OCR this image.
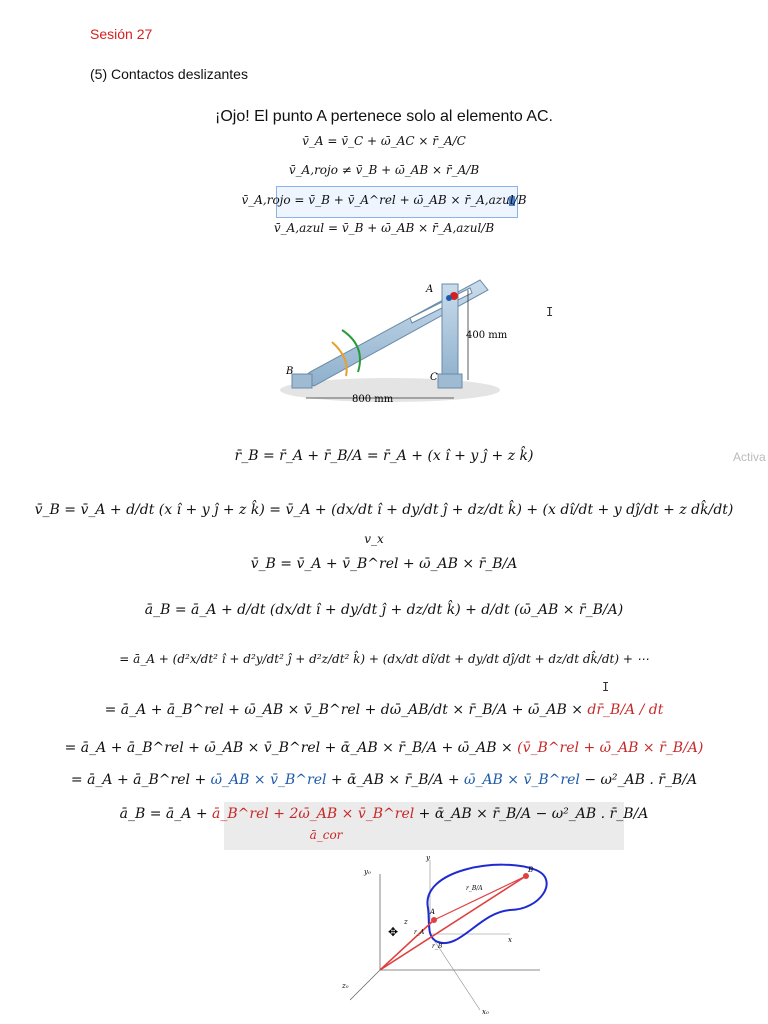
Sesión 27
(5) Contactos deslizantes
¡Ojo! El punto A pertenece solo al elemento AC.
v̄_A = v̄_C + ω̄_AC × r̄_A/C
v̄_A,rojo ≠ v̄_B + ω̄_AB × r̄_A/B
v̄_A,rojo = v̄_B + v̄_A^rel + ω̄_AB × r̄_A,azul/B
v̄_A,azul = v̄_B + ω̄_AB × r̄_A,azul/B
A
B
C
400 mm
800 mm
I
Activa
r̄_B = r̄_A + r̄_B/A = r̄_A + (x î + y ĵ + z k̂)
v̄_B = v̄_A + d/dt (x î + y ĵ + z k̂) = v̄_A + (dx/dt î + dy/dt ĵ + dz/dt k̂) + (x dî/dt + y dĵ/dt + z dk̂/dt)
v_x
v̄_B = v̄_A + v̄_B^rel + ω̄_AB × r̄_B/A
ā_B = ā_A + d/dt (dx/dt î + dy/dt ĵ + dz/dt k̂) + d/dt (ω̄_AB × r̄_B/A)
= ā_A + (d²x/dt² î + d²y/dt² ĵ + d²z/dt² k̂) + (dx/dt dî/dt + dy/dt dĵ/dt + dz/dt dk̂/dt) + ⋯
= ā_A + ā_B^rel + ω̄_AB × v̄_B^rel + dω̄_AB/dt × r̄_B/A + ω̄_AB × dr̄_B/A / dt
I
= ā_A + ā_B^rel + ω̄_AB × v̄_B^rel + ᾱ_AB × r̄_B/A + ω̄_AB × (v̄_B^rel + ω̄_AB × r̄_B/A)
= ā_A + ā_B^rel + ω̄_AB × v̄_B^rel + ᾱ_AB × r̄_B/A + ω̄_AB × v̄_B^rel − ω²_AB . r̄_B/A
ā_B = ā_A + ā_B^rel + 2ω̄_AB × v̄_B^rel + ᾱ_AB × r̄_B/A − ω²_AB . r̄_B/A
ā_cor
y₀
y
x
x₀
z₀
z
A
B
r_B/A
r_A
r_B
✥
